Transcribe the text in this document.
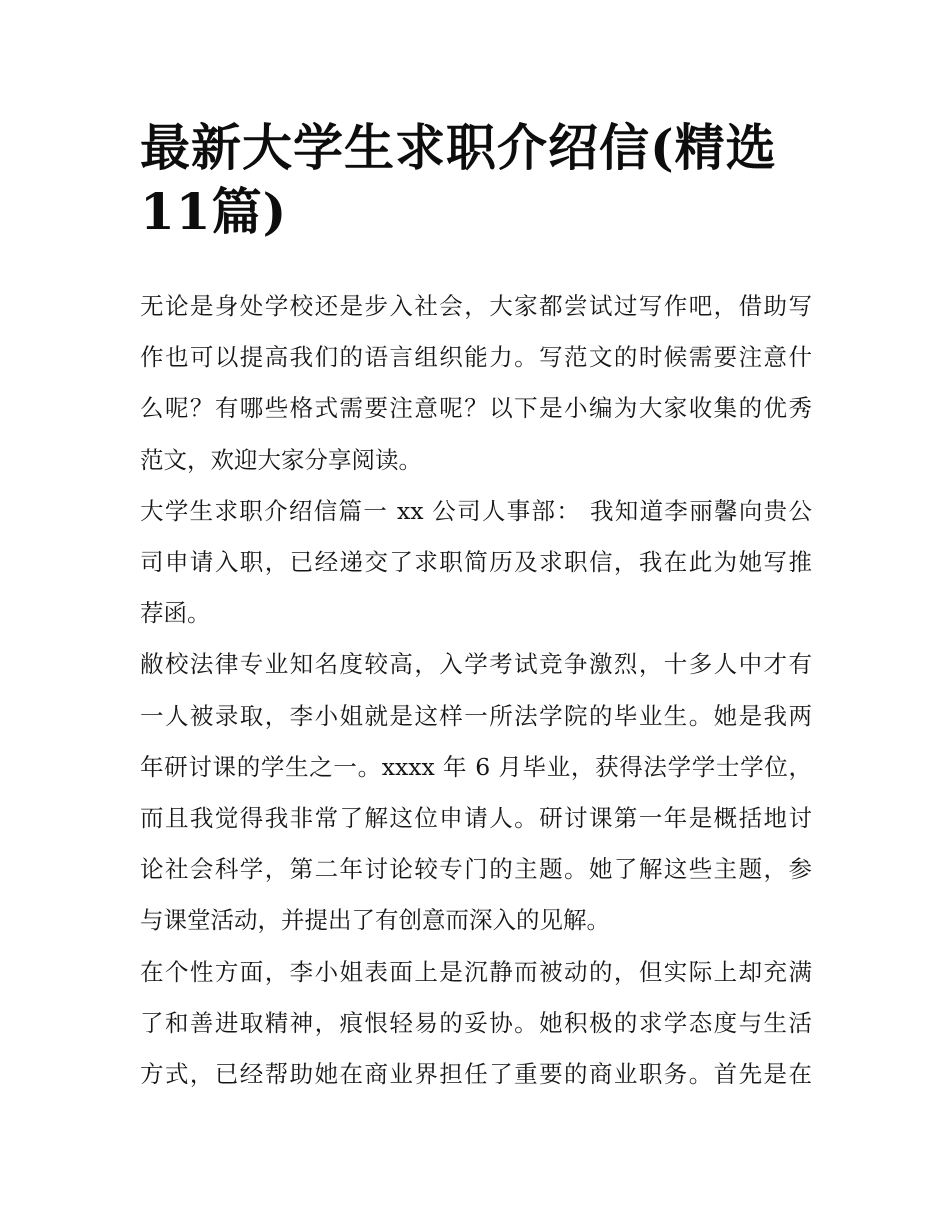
最新大学生求职介绍信(精选
11篇)

无论是身处学校还是步入社会，大家都尝试过写作吧，借助写
作也可以提高我们的语言组织能力。写范文的时候需要注意什
么呢？有哪些格式需要注意呢？以下是小编为大家收集的优秀
范文，欢迎大家分享阅读。

大学生求职介绍信篇一 xx 公司人事部： 我知道李丽馨向贵公
司申请入职，已经递交了求职简历及求职信，我在此为她写推
荐函。

敝校法律专业知名度较高，入学考试竞争激烈，十多人中才有
一人被录取，李小姐就是这样一所法学院的毕业生。她是我两
年研讨课的学生之一。xxxx 年 6 月毕业，获得法学学士学位，
而且我觉得我非常了解这位申请人。研讨课第一年是概括地讨
论社会科学，第二年讨论较专门的主题。她了解这些主题，参
与课堂活动，并提出了有创意而深入的见解。

在个性方面，李小姐表面上是沉静而被动的，但实际上却充满
了和善进取精神，痕恨轻易的妥协。她积极的求学态度与生活
方式，已经帮助她在商业界担任了重要的商业职务。首先是在
